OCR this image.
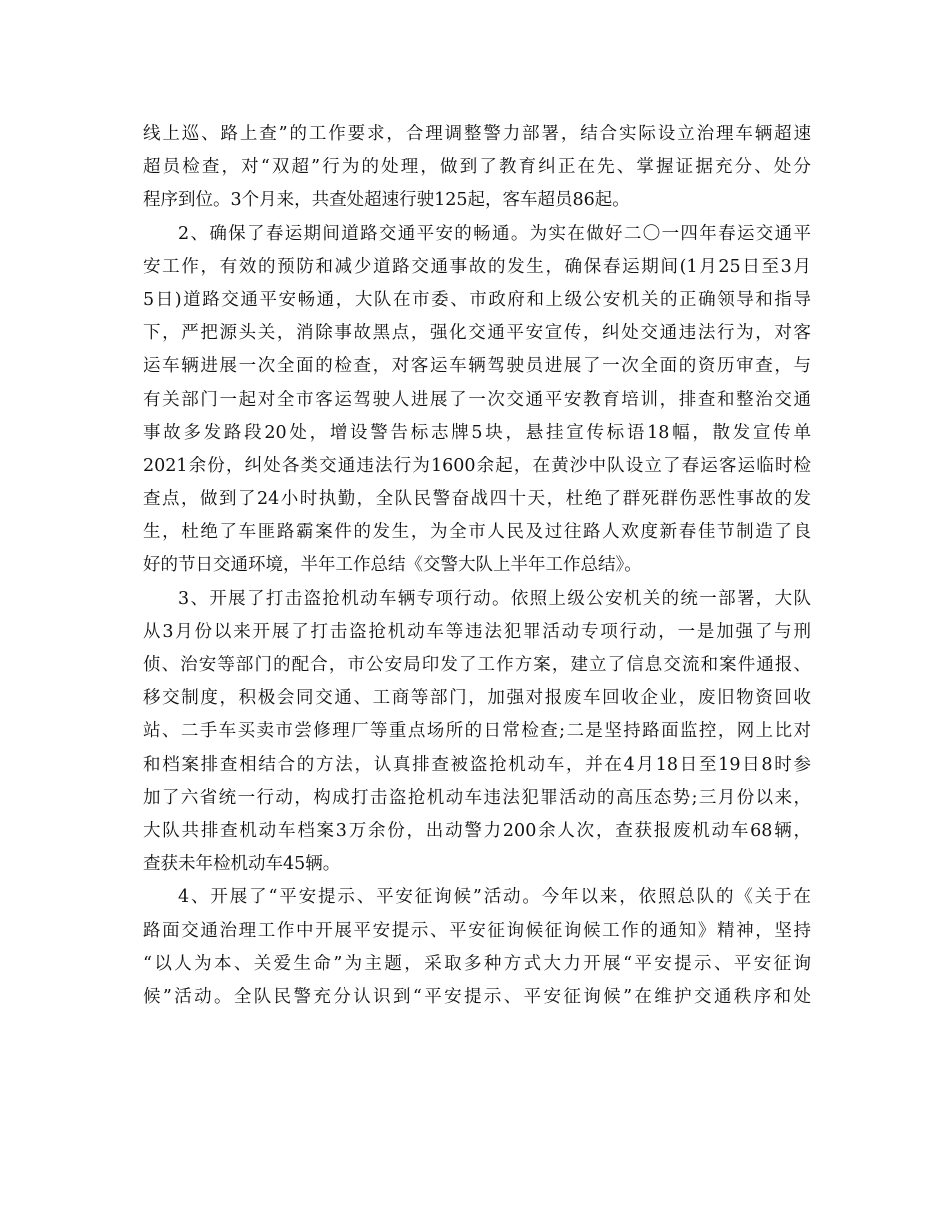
线上巡、路上查”的工作要求，合理调整警力部署，结合实际设立治理车辆超速
超员检查，对“双超”行为的处理，做到了教育纠正在先、掌握证据充分、处分
程序到位。3个月来，共查处超速行驶125起，客车超员86起。
2、确保了春运期间道路交通平安的畅通。为实在做好二〇一四年春运交通平
安工作，有效的预防和减少道路交通事故的发生，确保春运期间(1月25日至3月
5日)道路交通平安畅通，大队在市委、市政府和上级公安机关的正确领导和指导
下，严把源头关，消除事故黑点，强化交通平安宣传，纠处交通违法行为，对客
运车辆进展一次全面的检查，对客运车辆驾驶员进展了一次全面的资历审查，与
有关部门一起对全市客运驾驶人进展了一次交通平安教育培训，排查和整治交通
事故多发路段20处，增设警告标志牌5块，悬挂宣传标语18幅，散发宣传单
2021余份，纠处各类交通违法行为1600余起，在黄沙中队设立了春运客运临时检
查点，做到了24小时执勤，全队民警奋战四十天，杜绝了群死群伤恶性事故的发
生，杜绝了车匪路霸案件的发生，为全市人民及过往路人欢度新春佳节制造了良
好的节日交通环境，半年工作总结《交警大队上半年工作总结》。
3、开展了打击盗抢机动车辆专项行动。依照上级公安机关的统一部署，大队
从3月份以来开展了打击盗抢机动车等违法犯罪活动专项行动，一是加强了与刑
侦、治安等部门的配合，市公安局印发了工作方案，建立了信息交流和案件通报、
移交制度，积极会同交通、工商等部门，加强对报废车回收企业，废旧物资回收
站、二手车买卖市尝修理厂等重点场所的日常检查;二是坚持路面监控，网上比对
和档案排查相结合的方法，认真排查被盗抢机动车，并在4月18日至19日8时参
加了六省统一行动，构成打击盗抢机动车违法犯罪活动的高压态势;三月份以来，
大队共排查机动车档案3万余份，出动警力200余人次，查获报废机动车68辆，
查获未年检机动车45辆。
4、开展了“平安提示、平安征询候”活动。今年以来，依照总队的《关于在
路面交通治理工作中开展平安提示、平安征询候征询候工作的通知》精神，坚持
“以人为本、关爱生命”为主题，采取多种方式大力开展“平安提示、平安征询
候”活动。全队民警充分认识到“平安提示、平安征询候”在维护交通秩序和处
